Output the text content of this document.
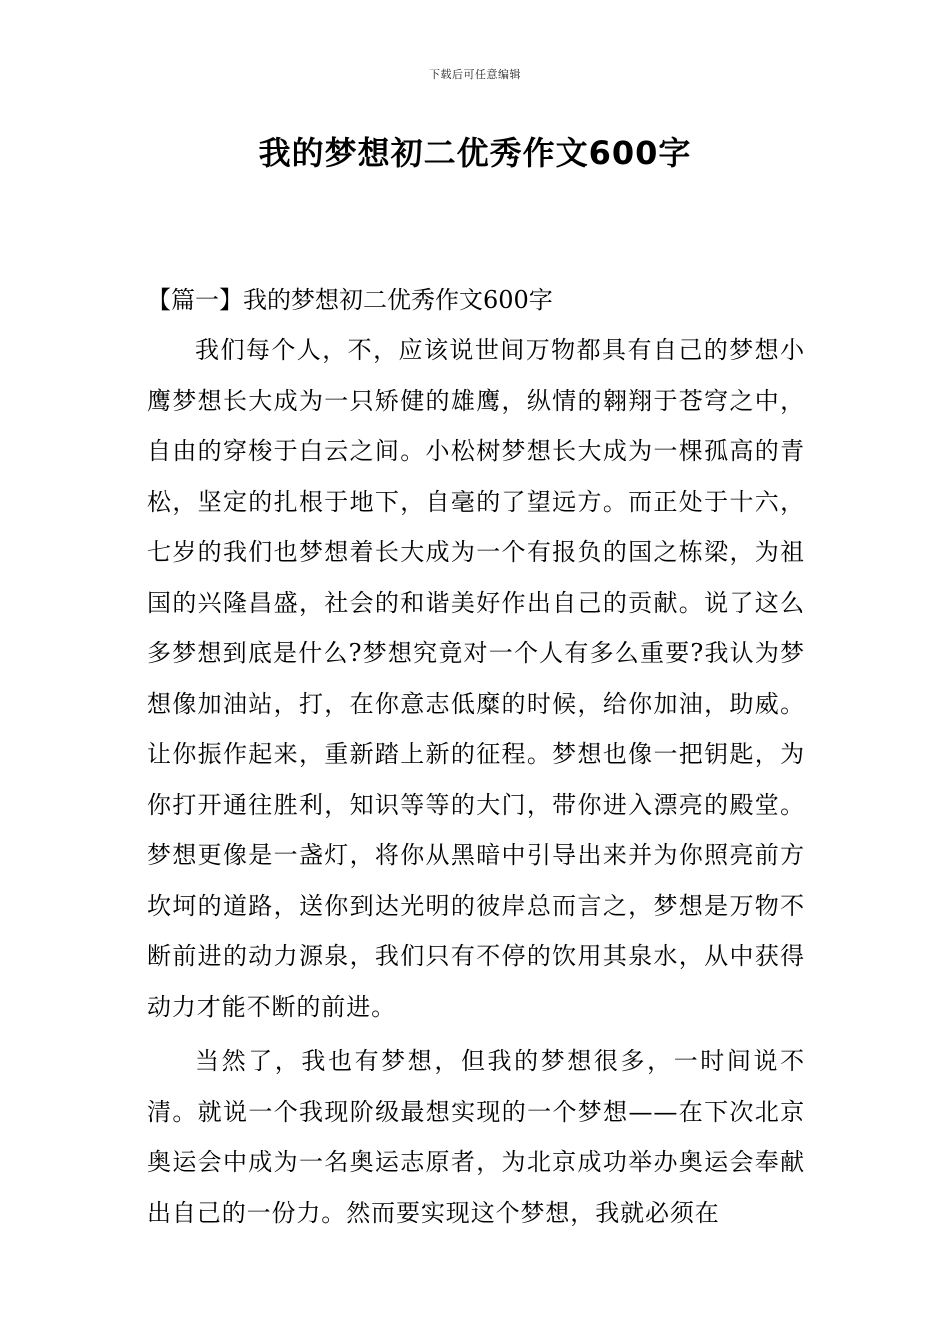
下载后可任意编辑
我的梦想初二优秀作文600字
【篇一】我的梦想初二优秀作文600字

我们每个人，不，应该说世间万物都具有自己的梦想小鹰梦想长大成为一只矫健的雄鹰，纵情的翱翔于苍穹之中，自由的穿梭于白云之间。小松树梦想长大成为一棵孤高的青松，坚定的扎根于地下，自毫的了望远方。而正处于十六，七岁的我们也梦想着长大成为一个有报负的国之栋梁，为祖国的兴隆昌盛，社会的和谐美好作出自己的贡献。说了这么多梦想到底是什么?梦想究竟对一个人有多么重要?我认为梦想像加油站，打，在你意志低糜的时候，给你加油，助威。让你振作起来，重新踏上新的征程。梦想也像一把钥匙，为你打开通往胜利，知识等等的大门，带你进入漂亮的殿堂。梦想更像是一盏灯，将你从黑暗中引导出来并为你照亮前方坎坷的道路，送你到达光明的彼岸总而言之，梦想是万物不断前进的动力源泉，我们只有不停的饮用其泉水，从中获得动力才能不断的前进。

当然了，我也有梦想，但我的梦想很多，一时间说不清。就说一个我现阶级最想实现的一个梦想——在下次北京奥运会中成为一名奥运志原者，为北京成功举办奥运会奉献出自己的一份力。然而要实现这个梦想，我就必须在
